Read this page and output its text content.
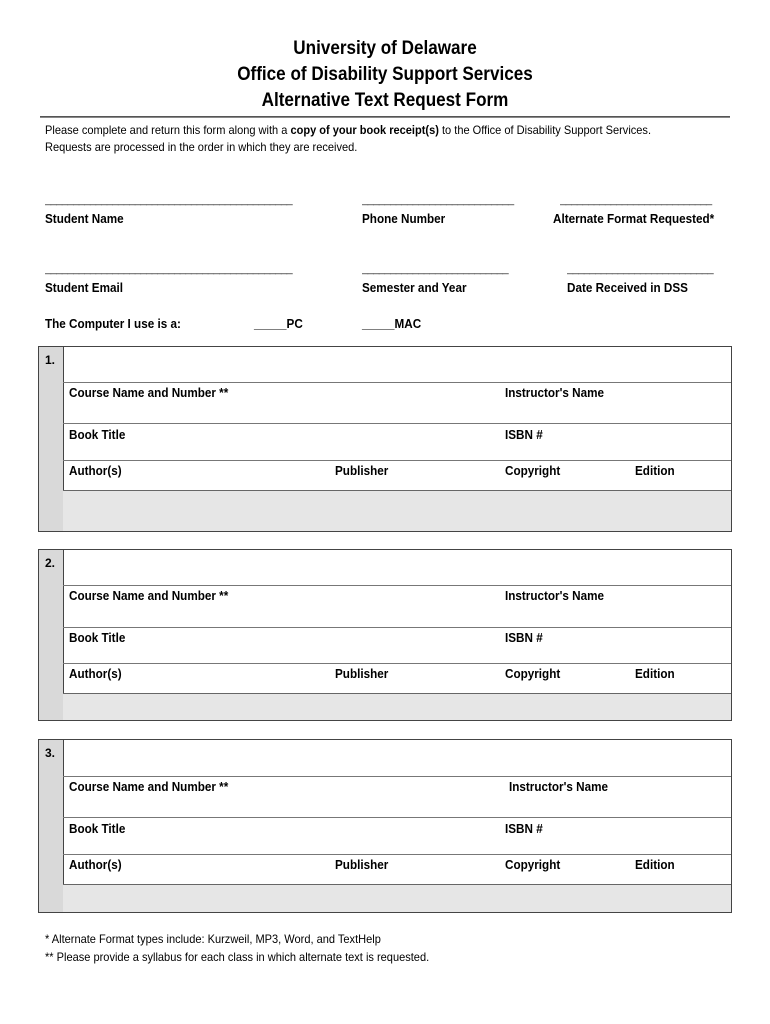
University of Delaware
Office of Disability Support Services
Alternative Text Request Form
Please complete and return this form along with a copy of your book receipt(s) to the Office of Disability Support Services. Requests are processed in the order in which they are received.
____________________________________________	___________________________	___________________________
Student Name	Phone Number	Alternate Format Requested*
____________________________________________	__________________________	__________________________
Student Email	Semester and Year	Date Received in DSS
The Computer I use is a:	_____PC	_____MAC
1.
Course Name and Number **	Instructor's Name
Book Title	ISBN #
Author(s)	Publisher	Copyright	Edition
2.
Course Name and Number **	Instructor's Name
Book Title	ISBN #
Author(s)	Publisher	Copyright	Edition
3.
Course Name and Number **	Instructor's Name
Book Title	ISBN #
Author(s)	Publisher	Copyright	Edition
* Alternate Format types include: Kurzweil, MP3, Word, and TextHelp
** Please provide a syllabus for each class in which alternate text is requested.
